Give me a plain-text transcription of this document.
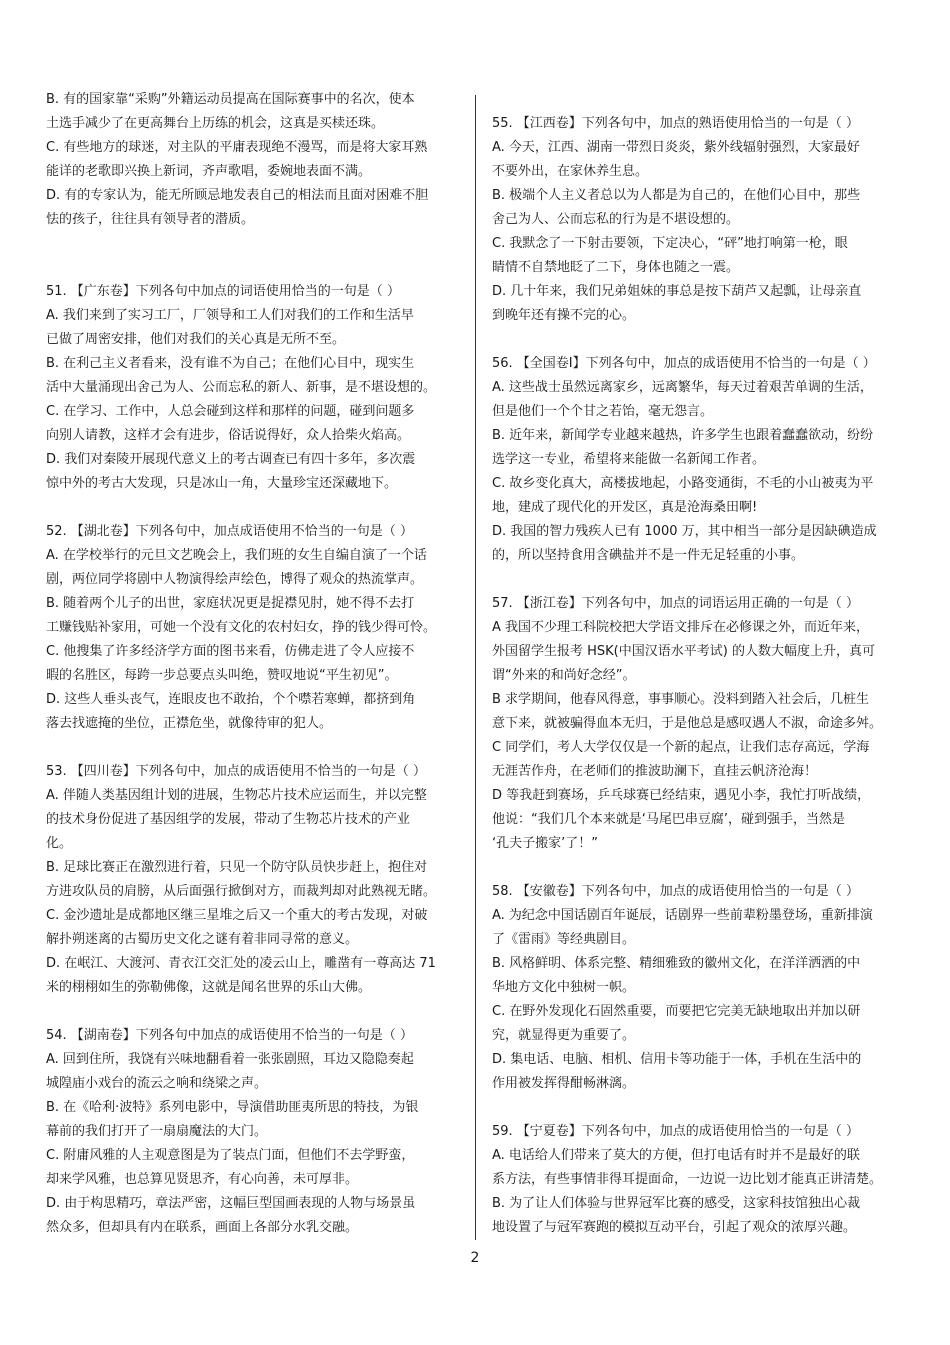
B. 有的国家靠“采购”外籍运动员提高在国际赛事中的名次，使本
土选手减少了在更高舞台上历练的机会，这真是买椟还珠。
C. 有些地方的球迷，对主队的平庸表现绝不漫骂，而是将大家耳熟
能详的老歌即兴换上新词，齐声歌唱，委婉地表面不满。
D. 有的专家认为，能无所顾忌地发表自己的相法而且面对困难不胆
怯的孩子，往往具有领导者的潜质。
51. 【广东卷】下列各句中加点的词语使用恰当的一句是（ ）
A. 我们来到了实习工厂，厂领导和工人们对我们的工作和生活早
已做了周密安排，他们对我们的关心真是无所不至。
B. 在利己主义者看来，没有谁不为自己；在他们心目中，现实生
活中大量涌现出舍己为人、公而忘私的新人、新事，是不堪设想的。
C. 在学习、工作中，人总会碰到这样和那样的问题，碰到问题多
向别人请教，这样才会有进步，俗话说得好，众人拾柴火焰高。
D. 我们对秦陵开展现代意义上的考古调查已有四十多年，多次震
惊中外的考古大发现，只是冰山一角，大量珍宝还深藏地下。
52. 【湖北卷】下列各句中，加点成语使用不恰当的一句是（ ）
A. 在学校举行的元旦文艺晚会上，我们班的女生自编自演了一个话
剧，两位同学将剧中人物演得绘声绘色，博得了观众的热流掌声。
B. 随着两个儿子的出世，家庭状况更是捉襟见肘，她不得不去打
工赚钱贴补家用，可她一个没有文化的农村妇女，挣的钱少得可怜。
C. 他搜集了许多经济学方面的图书来看，仿佛走进了令人应接不
暇的名胜区，每跨一步总要点头叫绝，赞叹地说“平生初见”。
D. 这些人垂头丧气，连眼皮也不敢抬，个个噤若寒蝉，都挤到角
落去找遮掩的坐位，正襟危坐，就像待审的犯人。
53. 【四川卷】下列各句中，加点的成语使用不恰当的一句是（ ）
A. 伴随人类基因组计划的进展，生物芯片技术应运而生，并以完整
的技术身份促进了基因组学的发展，带动了生物芯片技术的产业
化。
B. 足球比赛正在激烈进行着，只见一个防守队员快步赶上，抱住对
方进攻队员的肩膀，从后面强行掀倒对方，而裁判却对此熟视无睹。
C. 金沙遗址是成都地区继三星堆之后又一个重大的考古发现，对破
解扑朔迷离的古蜀历史文化之谜有着非同寻常的意义。
D. 在岷江、大渡河、青衣江交汇处的凌云山上，雕凿有一尊高达 71
米的栩栩如生的弥勒佛像，这就是闻名世界的乐山大佛。
54. 【湖南卷】下列各句中加点的成语使用不恰当的一句是（ ）
A. 回到住所，我饶有兴味地翻看着一张张剧照，耳边又隐隐奏起
城隍庙小戏台的流云之响和绕梁之声。
B. 在《哈利·波特》系列电影中，导演借助匪夷所思的特技，为银
幕前的我们打开了一扇扇魔法的大门。
C. 附庸风雅的人主观意图是为了装点门面，但他们不去学野蛮，
却来学风雅，也总算见贤思齐，有心向善，未可厚非。
D. 由于构思精巧，章法严密，这幅巨型国画表现的人物与场景虽
然众多，但却具有内在联系，画面上各部分水乳交融。
55. 【江西卷】下列各句中，加点的熟语使用恰当的一句是（ ）
A. 今天，江西、湖南一带烈日炎炎，紫外线辐射强烈，大家最好
不要外出，在家休养生息。
B. 极端个人主义者总以为人都是为自己的，在他们心目中，那些
舍己为人、公而忘私的行为是不堪设想的。
C. 我默念了一下射击要领，下定决心，“砰”地打响第一枪，眼
睛情不自禁地眨了二下，身体也随之一震。
D. 几十年来，我们兄弟姐妹的事总是按下葫芦又起瓢，让母亲直
到晚年还有操不完的心。
56. 【全国卷Ⅰ】下列各句中，加点的成语使用不恰当的一句是（ ）
A. 这些战士虽然远离家乡，远离繁华，每天过着艰苦单调的生活，
但是他们一个个甘之若饴，毫无怨言。
B. 近年来，新闻学专业越来越热，许多学生也跟着蠢蠢欲动，纷纷
选学这一专业，希望将来能做一名新闻工作者。
C. 故乡变化真大，高楼拔地起，小路变通街，不毛的小山被夷为平
地，建成了现代化的开发区，真是沧海桑田啊!
D. 我国的智力残疾人已有 1000 万，其中相当一部分是因缺碘造成
的，所以坚持食用含碘盐并不是一件无足轻重的小事。
57. 【浙江卷】下列各句中，加点的词语运用正确的一句是（ ）
A 我国不少理工科院校把大学语文排斥在必修课之外，而近年来，
外国留学生报考 HSK(中国汉语水平考试) 的人数大幅度上升，真可
谓“外来的和尚好念经”。
B 求学期间，他春风得意，事事顺心。没料到踏入社会后，几桩生
意下来，就被骗得血本无归，于是他总是感叹遇人不淑，命途多舛。
C 同学们，考人大学仅仅是一个新的起点，让我们志存高远，学海
无涯苦作舟，在老师们的推波助澜下，直挂云帆济沧海！
D 等我赶到赛场，乒乓球赛已经结束，遇见小李，我忙打听战绩，
他说：“我们几个本来就是‘马尾巴串豆腐’，碰到强手，当然是
‘孔夫子搬家’了！”
58. 【安徽卷】下列各句中，加点的成语使用恰当的一句是（ ）
A. 为纪念中国话剧百年诞辰，话剧界一些前辈粉墨登场，重新排演
了《雷雨》等经典剧目。
B. 风格鲜明、体系完整、精细雅致的徽州文化，在洋洋洒洒的中
华地方文化中独树一帜。
C. 在野外发现化石固然重要，而要把它完美无缺地取出并加以研
究，就显得更为重要了。
D. 集电话、电脑、相机、信用卡等功能于一体，手机在生活中的
作用被发挥得酣畅淋漓。
59. 【宁夏卷】下列各句中，加点的成语使用恰当的一句是（ ）
A. 电话给人们带来了莫大的方便，但打电话有时并不是最好的联
系方法，有些事情非得耳提面命，一边说一边比划才能真正讲清楚。
B. 为了让人们体验与世界冠军比赛的感受，这家科技馆独出心裁
地设置了与冠军赛跑的模拟互动平台，引起了观众的浓厚兴趣。
2
